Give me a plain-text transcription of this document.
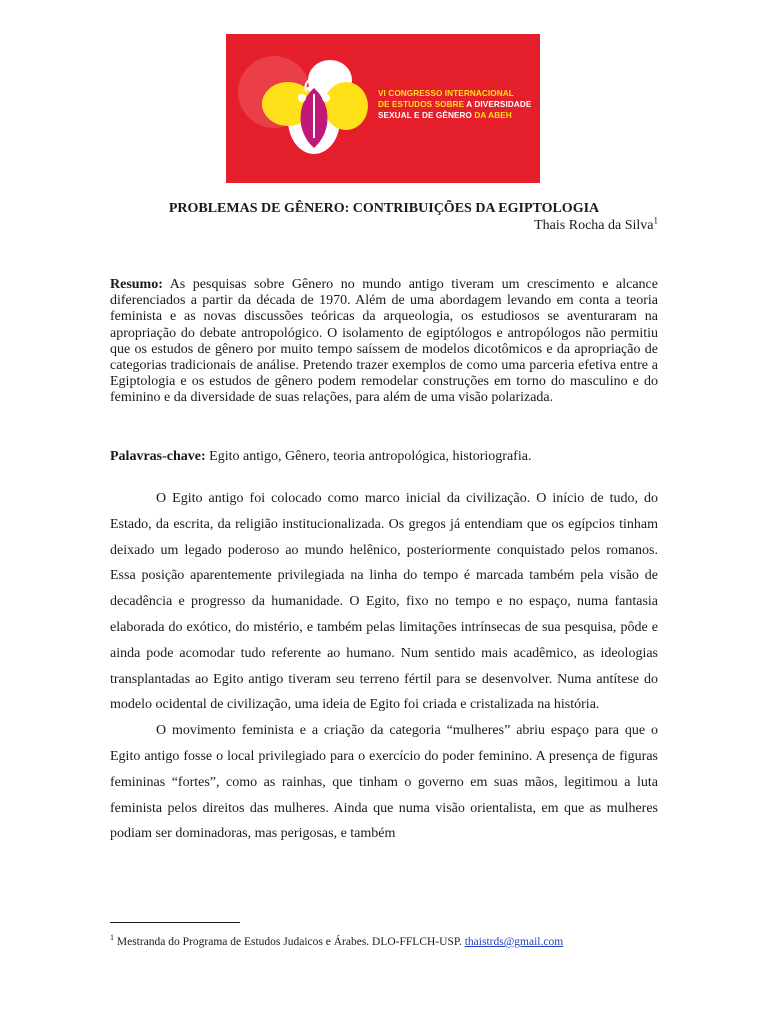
VI CONGRESSO INTERNACIONAL
DE ESTUDOS SOBRE A DIVERSIDADE
SEXUAL E DE GÊNERO DA ABEH
PROBLEMAS DE GÊNERO: CONTRIBUIÇÕES DA EGIPTOLOGIA
Thais Rocha da Silva$^1$

Resumo: As pesquisas sobre Gênero no mundo antigo tiveram um crescimento e alcance diferenciados a partir da década de 1970. Além de uma abordagem levando em conta a teoria feminista e as novas discussões teóricas da arqueologia, os estudiosos se aventuraram na apropriação do debate antropológico. O isolamento de egiptólogos e antropólogos não permitiu que os estudos de gênero por muito tempo saíssem de modelos dicotômicos e da apropriação de categorias tradicionais de análise. Pretendo trazer exemplos de como uma parceria efetiva entre a Egiptologia e os estudos de gênero podem remodelar construções em torno do masculino e do feminino e da diversidade de suas relações, para além de uma visão polarizada.

Palavras-chave: Egito antigo, Gênero, teoria antropológica, historiografia.

O Egito antigo foi colocado como marco inicial da civilização. O início de tudo, do Estado, da escrita, da religião institucionalizada. Os gregos já entendiam que os egípcios tinham deixado um legado poderoso ao mundo helênico, posteriormente conquistado pelos romanos. Essa posição aparentemente privilegiada na linha do tempo é marcada também pela visão de decadência e progresso da humanidade. O Egito, fixo no tempo e no espaço, numa fantasia elaborada do exótico, do mistério, e também pelas limitações intrínsecas de sua pesquisa, pôde e ainda pode acomodar tudo referente ao humano. Num sentido mais acadêmico, as ideologias transplantadas ao Egito antigo tiveram seu terreno fértil para se desenvolver. Numa antítese do modelo ocidental de civilização, uma ideia de Egito foi criada e cristalizada na história.

O movimento feminista e a criação da categoria “mulheres” abriu espaço para que o Egito antigo fosse o local privilegiado para o exercício do poder feminino. A presença de figuras femininas “fortes”, como as rainhas, que tinham o governo em suas mãos, legitimou a luta feminista pelos direitos das mulheres. Ainda que numa visão orientalista, em que as mulheres podiam ser dominadoras, mas perigosas, e também

$^1$ Mestranda do Programa de Estudos Judaicos e Árabes. DLO-FFLCH-USP. thaistrds@gmail.com
